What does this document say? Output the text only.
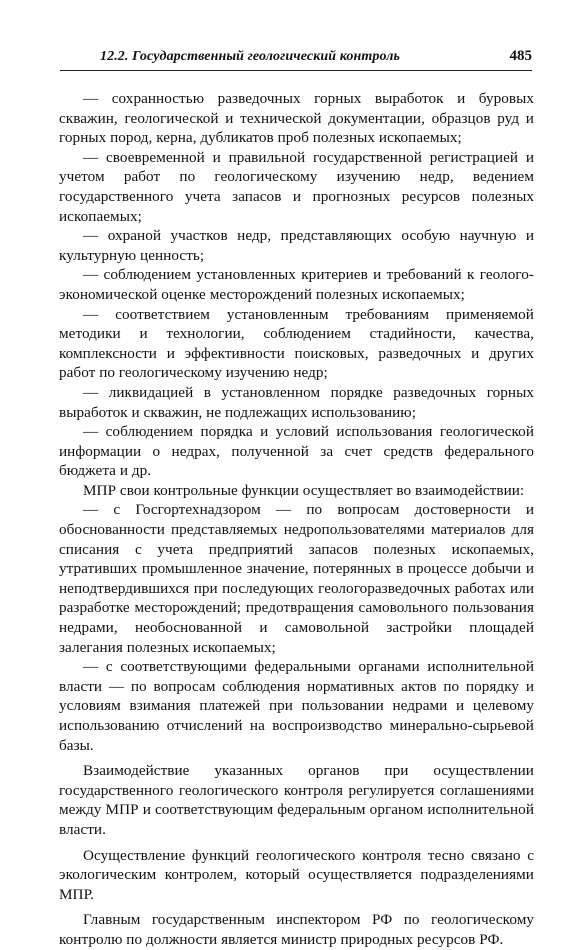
12.2. Государственный геологический контроль	485

— сохранностью разведочных горных выработок и буровых скважин, геологической и технической документации, образцов руд и горных пород, керна, дубликатов проб полезных ископаемых;

— своевременной и правильной государственной регистрацией и учетом работ по геологическому изучению недр, ведением государственного учета запасов и прогнозных ресурсов полезных ископаемых;

— охраной участков недр, представляющих особую научную и культурную ценность;

— соблюдением установленных критериев и требований к геолого-экономической оценке месторождений полезных ископаемых;

— соответствием установленным требованиям применяемой методики и технологии, соблюдением стадийности, качества, комплексности и эффективности поисковых, разведочных и других работ по геологическому изучению недр;

— ликвидацией в установленном порядке разведочных горных выработок и скважин, не подлежащих использованию;

— соблюдением порядка и условий использования геологической информации о недрах, полученной за счет средств федерального бюджета и др.

МПР свои контрольные функции осуществляет во взаимодействии:

— с Госгортехнадзором — по вопросам достоверности и обоснованности представляемых недропользователями материалов для списания с учета предприятий запасов полезных ископаемых, утративших промышленное значение, потерянных в процессе добычи и неподтвердившихся при последующих геологоразведочных работах или разработке месторождений; предотвращения самовольного пользования недрами, необоснованной и самовольной застройки площадей залегания полезных ископаемых;

— с соответствующими федеральными органами исполнительной власти — по вопросам соблюдения нормативных актов по порядку и условиям взимания платежей при пользовании недрами и целевому использованию отчислений на воспроизводство минерально-сырьевой базы.

Взаимодействие указанных органов при осуществлении государственного геологического контроля регулируется соглашениями между МПР и соответствующим федеральным органом исполнительной власти.

Осуществление функций геологического контроля тесно связано с экологическим контролем, который осуществляется подразделениями МПР.

Главным государственным инспектором РФ по геологическому контролю по должности является министр природных ресурсов РФ.
